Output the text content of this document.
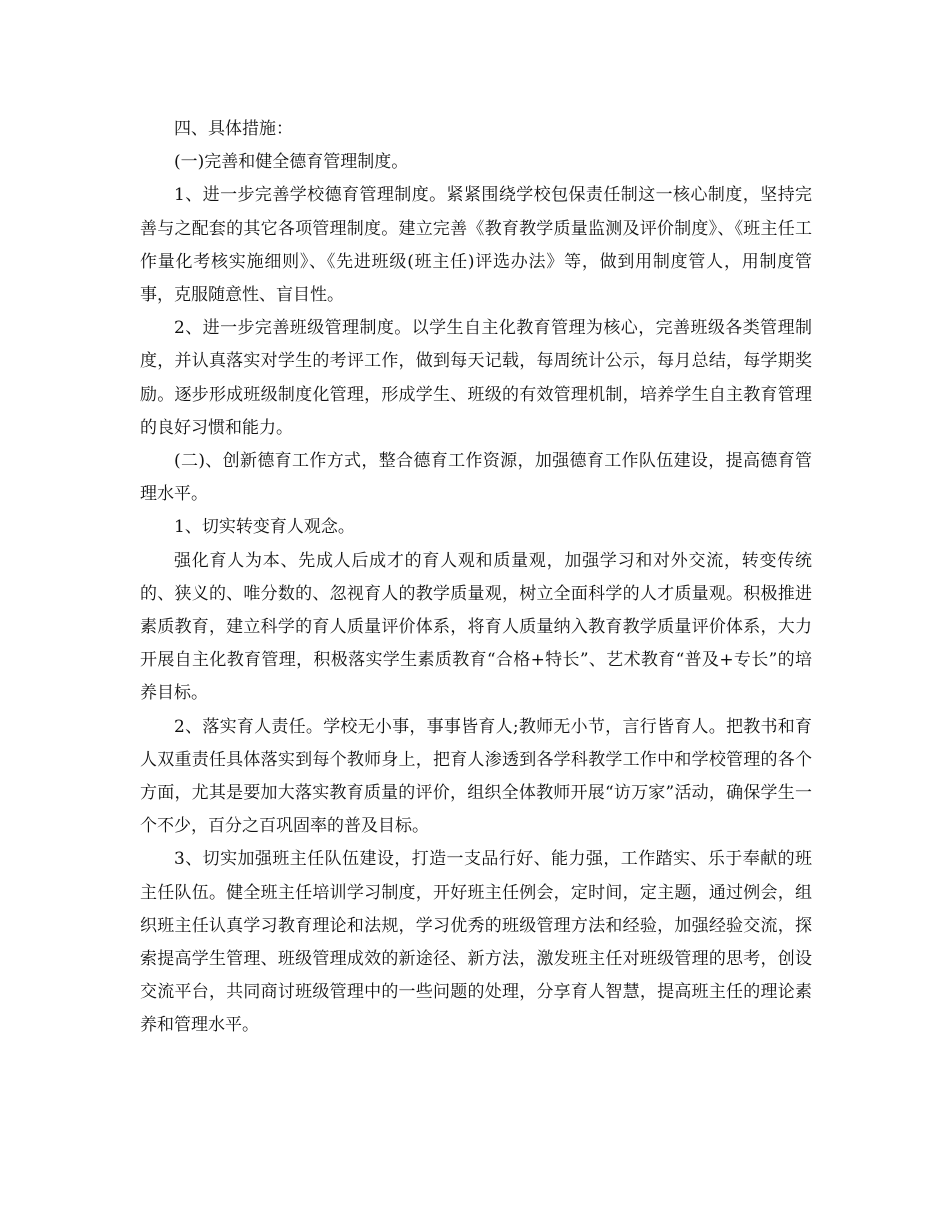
四、具体措施：

(一)完善和健全德育管理制度。

1、进一步完善学校德育管理制度。紧紧围绕学校包保责任制这一核心制度，坚持完善与之配套的其它各项管理制度。建立完善《教育教学质量监测及评价制度》、《班主任工作量化考核实施细则》、《先进班级(班主任)评选办法》等，做到用制度管人，用制度管事，克服随意性、盲目性。

2、进一步完善班级管理制度。以学生自主化教育管理为核心，完善班级各类管理制度，并认真落实对学生的考评工作，做到每天记载，每周统计公示，每月总结，每学期奖励。逐步形成班级制度化管理，形成学生、班级的有效管理机制，培养学生自主教育管理的良好习惯和能力。

(二)、创新德育工作方式，整合德育工作资源，加强德育工作队伍建设，提高德育管理水平。

1、切实转变育人观念。

强化育人为本、先成人后成才的育人观和质量观，加强学习和对外交流，转变传统的、狭义的、唯分数的、忽视育人的教学质量观，树立全面科学的人才质量观。积极推进素质教育，建立科学的育人质量评价体系，将育人质量纳入教育教学质量评价体系，大力开展自主化教育管理，积极落实学生素质教育“合格+特长”、艺术教育“普及+专长”的培养目标。

2、落实育人责任。学校无小事，事事皆育人;教师无小节，言行皆育人。把教书和育人双重责任具体落实到每个教师身上，把育人渗透到各学科教学工作中和学校管理的各个方面，尤其是要加大落实教育质量的评价，组织全体教师开展“访万家”活动，确保学生一个不少，百分之百巩固率的普及目标。

3、切实加强班主任队伍建设，打造一支品行好、能力强，工作踏实、乐于奉献的班主任队伍。健全班主任培训学习制度，开好班主任例会，定时间，定主题，通过例会，组织班主任认真学习教育理论和法规，学习优秀的班级管理方法和经验，加强经验交流，探索提高学生管理、班级管理成效的新途径、新方法，激发班主任对班级管理的思考，创设交流平台，共同商讨班级管理中的一些问题的处理，分享育人智慧，提高班主任的理论素养和管理水平。
